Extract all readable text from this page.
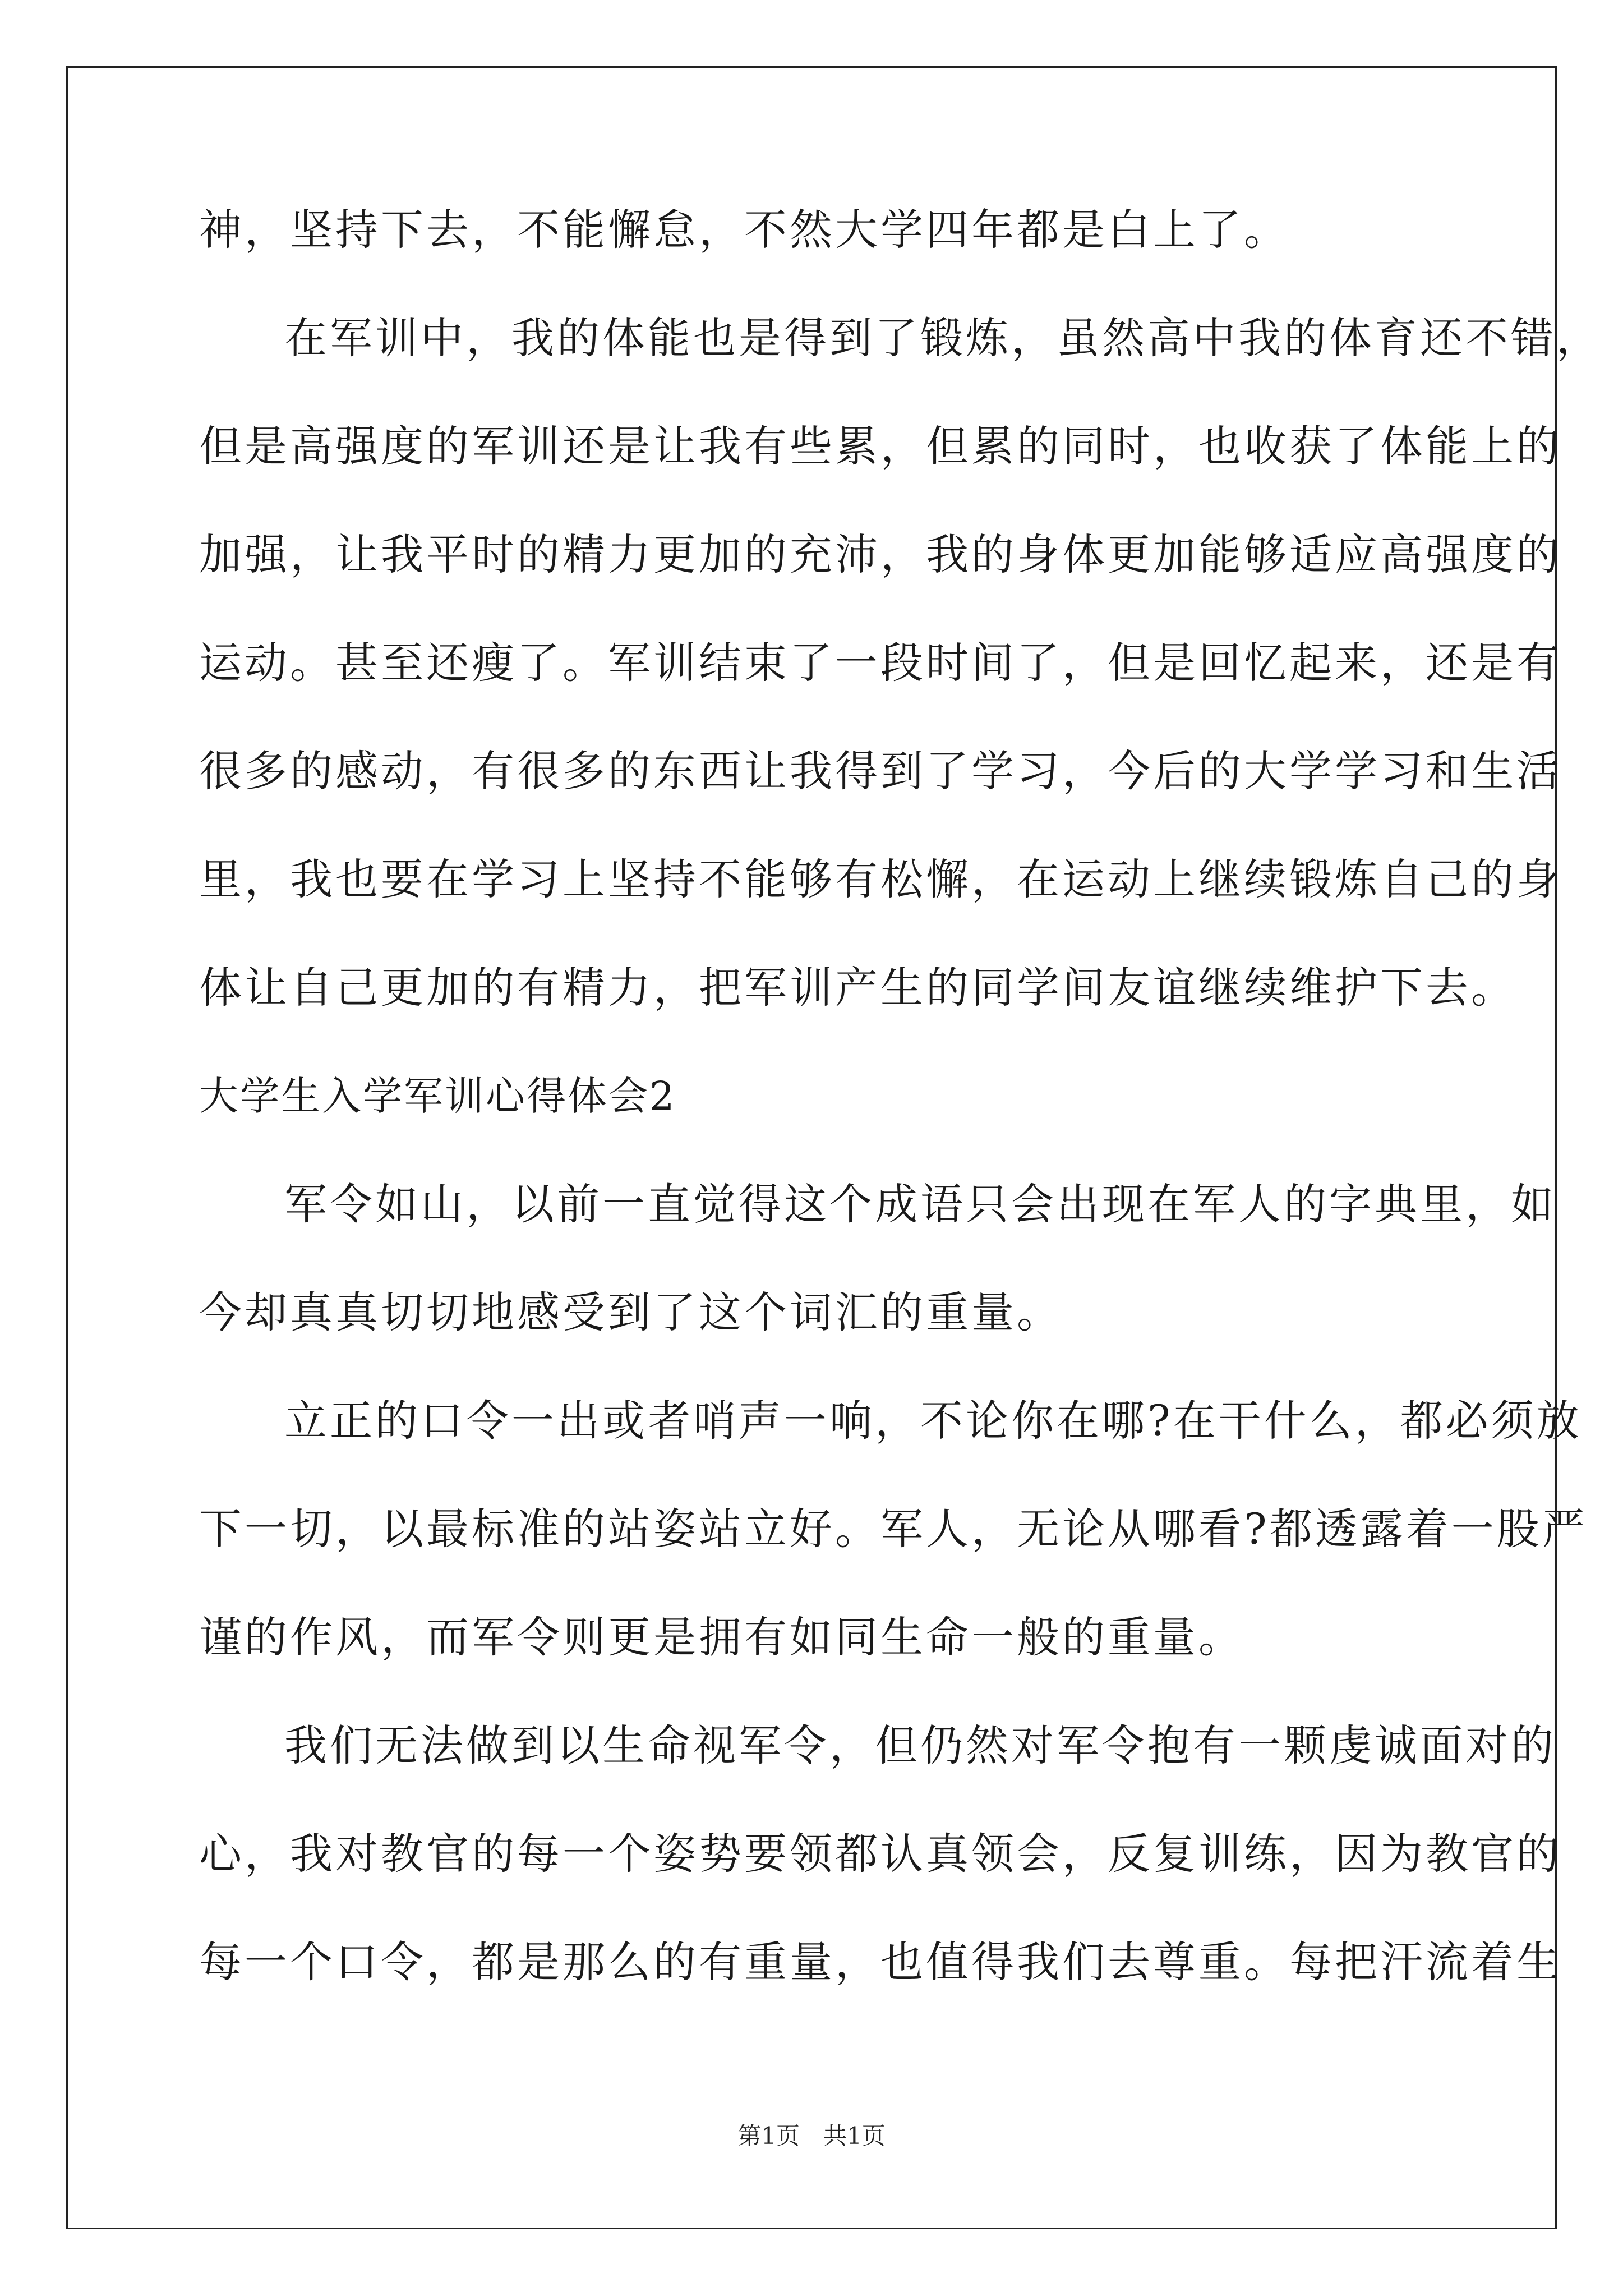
神，坚持下去，不能懈怠，不然大学四年都是白上了。
在军训中，我的体能也是得到了锻炼，虽然高中我的体育还不错，
但是高强度的军训还是让我有些累，但累的同时，也收获了体能上的
加强，让我平时的精力更加的充沛，我的身体更加能够适应高强度的
运动。甚至还瘦了。军训结束了一段时间了，但是回忆起来，还是有
很多的感动，有很多的东西让我得到了学习，今后的大学学习和生活
里，我也要在学习上坚持不能够有松懈，在运动上继续锻炼自己的身
体让自己更加的有精力，把军训产生的同学间友谊继续维护下去。
大学生入学军训心得体会2
军令如山，以前一直觉得这个成语只会出现在军人的字典里，如
今却真真切切地感受到了这个词汇的重量。
立正的口令一出或者哨声一响，不论你在哪?在干什么，都必须放
下一切，以最标准的站姿站立好。军人，无论从哪看?都透露着一股严
谨的作风，而军令则更是拥有如同生命一般的重量。
我们无法做到以生命视军令，但仍然对军令抱有一颗虔诚面对的
心，我对教官的每一个姿势要领都认真领会，反复训练，因为教官的
每一个口令，都是那么的有重量，也值得我们去尊重。每把汗流着生
第1页　共1页
